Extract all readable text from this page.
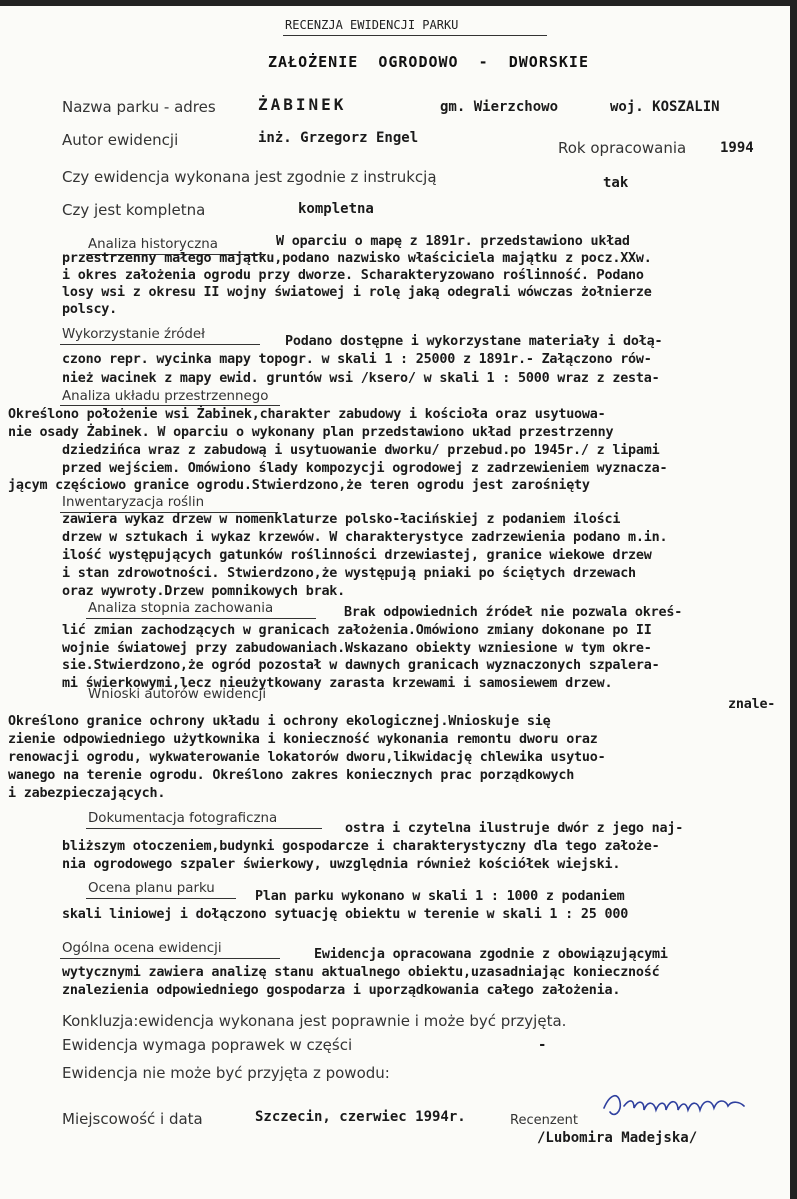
RECENZJA EWIDENCJI PARKU
ZAŁOŻENIE  OGRODOWO  -  DWORSKIE
Nazwa parku - adres	ŻABINEK	gm. Wierzchowo	woj. KOSZALIN
Autor ewidencji	inż. Grzegorz Engel
Rok opracowania 1994
Czy ewidencja wykonana jest zgodnie z instrukcją	tak
Czy jest kompletna	kompletna
Analiza historyczna	W oparciu o mapę z 1891r. przedstawiono układ
przestrzenny małego majątku,podano nazwisko właściciela majątku z pocz.XXw.
i okres założenia ogrodu przy dworze. Scharakteryzowano roślinność. Podano
losy wsi z okresu II wojny światowej i rolę jaką odegrali wówczas żołnierze
polscy.
Wykorzystanie źródeł	Podano dostępne i wykorzystane materiały i dołą-
czono repr. wycinka mapy topogr. w skali 1 : 25000 z 1891r.- Załączono rów-
nież wacinek z mapy ewid. gruntów wsi /ksero/ w skali 1 : 5000 wraz z zesta-
Analiza układu przestrzennego
Określono położenie wsi Żabinek,charakter zabudowy i kościoła oraz usytuowa-
nie osady Żabinek. W oparciu o wykonany plan przedstawiono układ przestrzenny
dziedzińca wraz z zabudową i usytuowanie dworku/ przebud.po 1945r./ z lipami
przed wejściem. Omówiono ślady kompozycji ogrodowej z zadrzewieniem wyznacza-
jącym częściowo granice ogrodu.Stwierdzono,że teren ogrodu jest zarośnięty
Inwentaryzacja roślin
zawiera wykaz drzew w nomenklaturze polsko-łacińskiej z podaniem ilości
drzew w sztukach i wykaz krzewów. W charakterystyce zadrzewienia podano m.in.
ilość występujących gatunków roślinności drzewiastej, granice wiekowe drzew
i stan zdrowotności. Stwierdzono,że występują pniaki po ściętych drzewach
oraz wywroty.Drzew pomnikowych brak.
Analiza stopnia zachowania	Brak odpowiednich źródeł nie pozwala okreś-
lić zmian zachodzących w granicach założenia.Omówiono zmiany dokonane po II
wojnie światowej przy zabudowaniach.Wskazano obiekty wzniesione w tym okre-
sie.Stwierdzono,że ogród pozostał w dawnych granicach wyznaczonych szpalera-
mi świerkowymi,lecz nieużytkowany zarasta krzewami i samosiewem drzew.
Wnioski autorów ewidencji
znale-
Określono granice ochrony układu i ochrony ekologicznej.Wnioskuje się
zienie odpowiedniego użytkownika i konieczność wykonania remontu dworu oraz
renowacji ogrodu, wykwaterowanie lokatorów dworu,likwidację chlewika usytuo-
wanego na terenie ogrodu. Określono zakres koniecznych prac porządkowych
i zabezpieczających.
Dokumentacja fotograficzna
ostra i czytelna ilustruje dwór z jego naj-
bliższym otoczeniem,budynki gospodarcze i charakterystyczny dla tego założe-
nia ogrodowego szpaler świerkowy, uwzględnia również kościółek wiejski.
Ocena planu parku
Plan parku wykonano w skali 1 : 1000 z podaniem
skali liniowej i dołączono sytuację obiektu w terenie w skali 1 : 25 000
Ogólna ocena ewidencji	Ewidencja opracowana zgodnie z obowiązującymi
wytycznymi zawiera analizę stanu aktualnego obiektu,uzasadniając konieczność
znalezienia odpowiedniego gospodarza i uporządkowania całego założenia.
Konkluzja:ewidencja wykonana jest poprawnie i może być przyjęta.
Ewidencja wymaga poprawek w części	-
Ewidencja nie może być przyjęta z powodu:
Miejscowość i data	Szczecin, czerwiec 1994r.	Recenzent
/Lubomira Madejska/
